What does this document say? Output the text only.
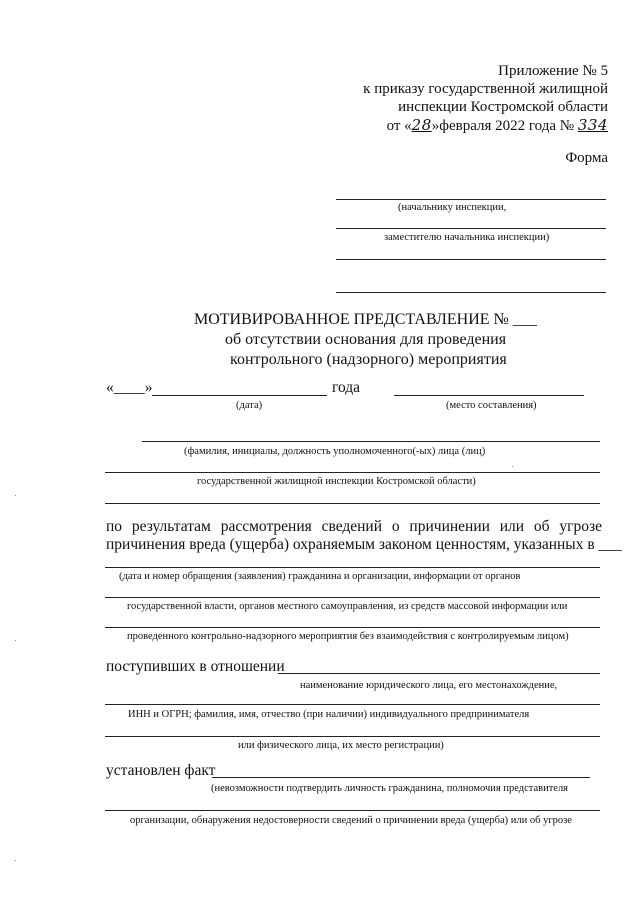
Приложение № 5
к приказу государственной жилищной
инспекции Костромской области
от «28»февраля 2022 года № 334
Форма
(начальнику инспекции,
заместителю начальника инспекции)
МОТИВИРОВАННОЕ ПРЕДСТАВЛЕНИЕ № ___
об отсутствии основания для проведения
контрольного (надзорного) мероприятия
«____»	года
(дата)	(место составления)
(фамилия, инициалы, должность уполномоченного(-ых) лица (лиц)
государственной жилищной инспекции Костромской области)
по результатам рассмотрения сведений о причинении или об угрозе
причинения вреда (ущерба) охраняемым законом ценностям, указанных в ___
(дата и номер обращения (заявления) гражданина и организации, информации от органов
государственной власти, органов местного самоуправления, из средств массовой информации или
проведенного контрольно-надзорного мероприятия без взаимодействия с контролируемым лицом)
поступивших в отношении
наименование юридического лица, его местонахождение,
ИНН и ОГРН; фамилия, имя, отчество (при наличии) индивидуального предпринимателя
или физического лица, их место регистрации)
установлен факт
(невозможности подтвердить личность гражданина, полномочия представителя
организации, обнаружения недостоверности сведений о причинении вреда (ущерба) или об угрозе
